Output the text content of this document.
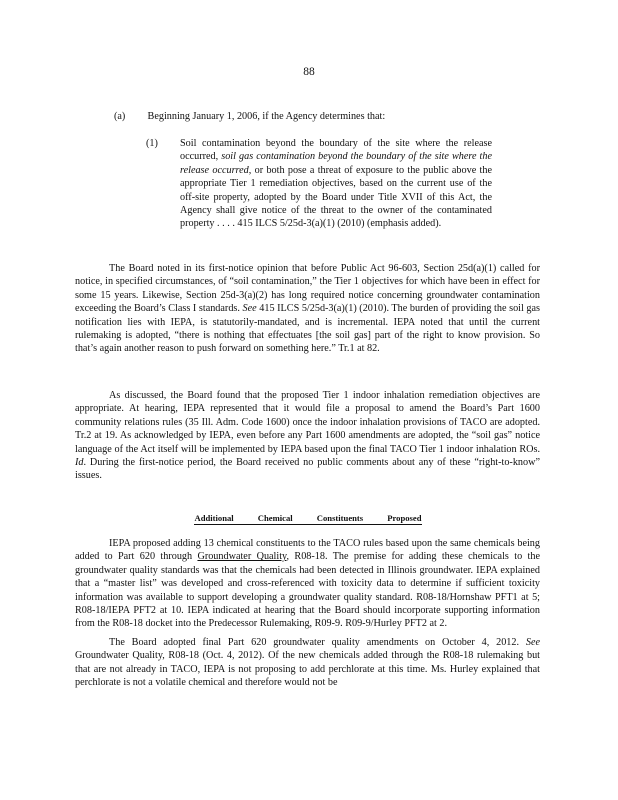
88
(a) Beginning January 1, 2006, if the Agency determines that:
(1) Soil contamination beyond the boundary of the site where the release occurred, soil gas contamination beyond the boundary of the site where the release occurred, or both pose a threat of exposure to the public above the appropriate Tier 1 remediation objectives, based on the current use of the off-site property, adopted by the Board under Title XVII of this Act, the Agency shall give notice of the threat to the owner of the contaminated property . . . . 415 ILCS 5/25d-3(a)(1) (2010) (emphasis added).
The Board noted in its first-notice opinion that before Public Act 96-603, Section 25d(a)(1) called for notice, in specified circumstances, of “soil contamination,” the Tier 1 objectives for which have been in effect for some 15 years. Likewise, Section 25d-3(a)(2) has long required notice concerning groundwater contamination exceeding the Board’s Class I standards. See 415 ILCS 5/25d-3(a)(1) (2010). The burden of providing the soil gas notification lies with IEPA, is statutorily-mandated, and is incremental. IEPA noted that until the current rulemaking is adopted, “there is nothing that effectuates [the soil gas] part of the right to know provision. So that’s again another reason to push forward on something here.” Tr.1 at 82.
As discussed, the Board found that the proposed Tier 1 indoor inhalation remediation objectives are appropriate. At hearing, IEPA represented that it would file a proposal to amend the Board’s Part 1600 community relations rules (35 Ill. Adm. Code 1600) once the indoor inhalation provisions of TACO are adopted. Tr.2 at 19. As acknowledged by IEPA, even before any Part 1600 amendments are adopted, the “soil gas” notice language of the Act itself will be implemented by IEPA based upon the final TACO Tier 1 indoor inhalation ROs. Id. During the first-notice period, the Board received no public comments about any of these “right-to-know” issues.
Additional Chemical Constituents Proposed
IEPA proposed adding 13 chemical constituents to the TACO rules based upon the same chemicals being added to Part 620 through Groundwater Quality, R08-18. The premise for adding these chemicals to the groundwater quality standards was that the chemicals had been detected in Illinois groundwater. IEPA explained that a “master list” was developed and cross-referenced with toxicity data to determine if sufficient toxicity information was available to support developing a groundwater quality standard. R08-18/Hornshaw PFT1 at 5; R08-18/IEPA PFT2 at 10. IEPA indicated at hearing that the Board should incorporate supporting information from the R08-18 docket into the Predecessor Rulemaking, R09-9. R09-9/Hurley PFT2 at 2.
The Board adopted final Part 620 groundwater quality amendments on October 4, 2012. See Groundwater Quality, R08-18 (Oct. 4, 2012). Of the new chemicals added through the R08-18 rulemaking but that are not already in TACO, IEPA is not proposing to add perchlorate at this time. Ms. Hurley explained that perchlorate is not a volatile chemical and therefore would not be
